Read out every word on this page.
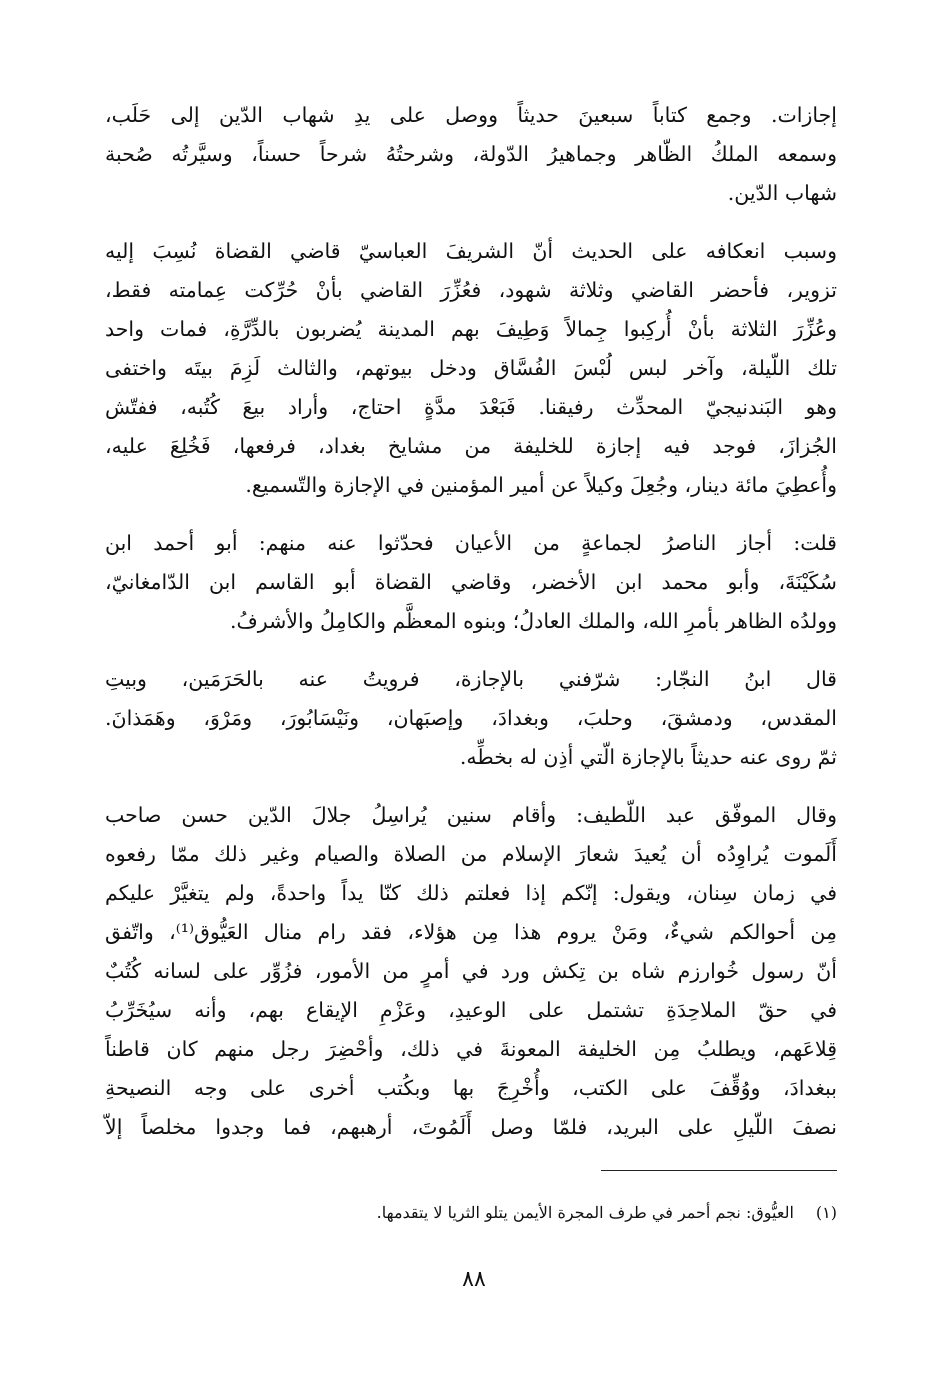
إجازات. وجمع كتاباً سبعينَ حديثاً ووصل على يدِ شهاب الدّين إلى حَلَب،
وسمعه الملكُ الظّاهر وجماهيرُ الدّولة، وشرحتُهُ شرحاً حسناً، وسيَّرتُه صُحبة
شهاب الدّين.
وسبب انعكافه على الحديث أنّ الشريفَ العباسيّ قاضي القضاة نُسِبَ إليه
تزوير، فأحضر القاضي وثلاثة شهود، فعُزِّرَ القاضي بأنْ حُرِّكت عِمامته فقط،
وعُزِّرَ الثلاثة بأنْ أُركِبوا جِمالاً وَطِيفَ بهم المدينة يُضربون بالدِّرَّةِ، فمات واحد
تلك اللّيلة، وآخر لبس لُبْسَ الفُسَّاق ودخل بيوتهم، والثالث لَزِمَ بيتَه واختفى
وهو البَندنيجيّ المحدِّث رفيقنا. فَبَعْدَ مدَّةٍ احتاج، وأراد بيعَ كُتُبه، ففتّش
الجُزازَ، فوجد فيه إجازة للخليفة من مشايخ بغداد، فرفعها، فَخُلِعَ عليه،
وأُعطِيَ مائة دينار، وجُعِلَ وكيلاً عن أمير المؤمنين في الإجازة والتّسميع.
قلت: أجاز الناصرُ لجماعةٍ من الأعيان فحدّثوا عنه منهم: أبو أحمد ابن
سُكَيْنَةَ، وأبو محمد ابن الأخضر، وقاضي القضاة أبو القاسم ابن الدّامغانيّ،
وولدُه الظاهر بأمرِ الله، والملك العادلُ؛ وبنوه المعظَّم والكامِلُ والأشرفُ.
قال ابنُ النجّار: شرّفني بالإجازة، فرويتُ عنه بالحَرَمَين، وبيتِ
المقدس، ودمشقَ، وحلبَ، وبغدادَ، وإصبَهان، ونَيْسَابُورَ، ومَرْوَ، وهَمَذانَ.
ثمّ روى عنه حديثاً بالإجازة الّتي أذِن له بخطِّه.
وقال الموفّق عبد اللّطيف: وأقام سنين يُراسِلُ جلالَ الدّين حسن صاحب
أَلَموت يُراوِدُه أن يُعيدَ شعارَ الإسلام من الصلاة والصيام وغير ذلك ممّا رفعوه
في زمان سِنان، ويقول: إنّكم إذا فعلتم ذلك كنّا يداً واحدةً، ولم يتغيَّرْ عليكم
مِن أحوالكم شيءٌ، ومَنْ يروم هذا مِن هؤلاء، فقد رام منال العَيُّوق⁽¹⁾، واتّفق
أنّ رسول خُوارزم شاه بن تِكش ورد في أمرٍ من الأمور، فزُوِّر على لسانه كُتُبٌ
في حقّ الملاحِدَةِ تشتمل على الوعيدِ، وعَزْمِ الإيقاع بهم، وأنه سيُخَرِّبُ
قِلاعَهم، ويطلبُ مِن الخليفة المعونةَ في ذلك، وأحْضِرَ رجل منهم كان قاطناً
ببغدادَ، ووُقِّفَ على الكتب، وأُخْرِجَ بها وبكُتب أخرى على وجه النصيحةِ
نصفَ اللّيلِ على البريد، فلمّا وصل أَلَمُوتَ، أرهبهم، فما وجدوا مخلصاً إلاّ
(١)العيُّوق: نجم أحمر في طرف المجرة الأيمن يتلو الثريا لا يتقدمها.
٨٨
